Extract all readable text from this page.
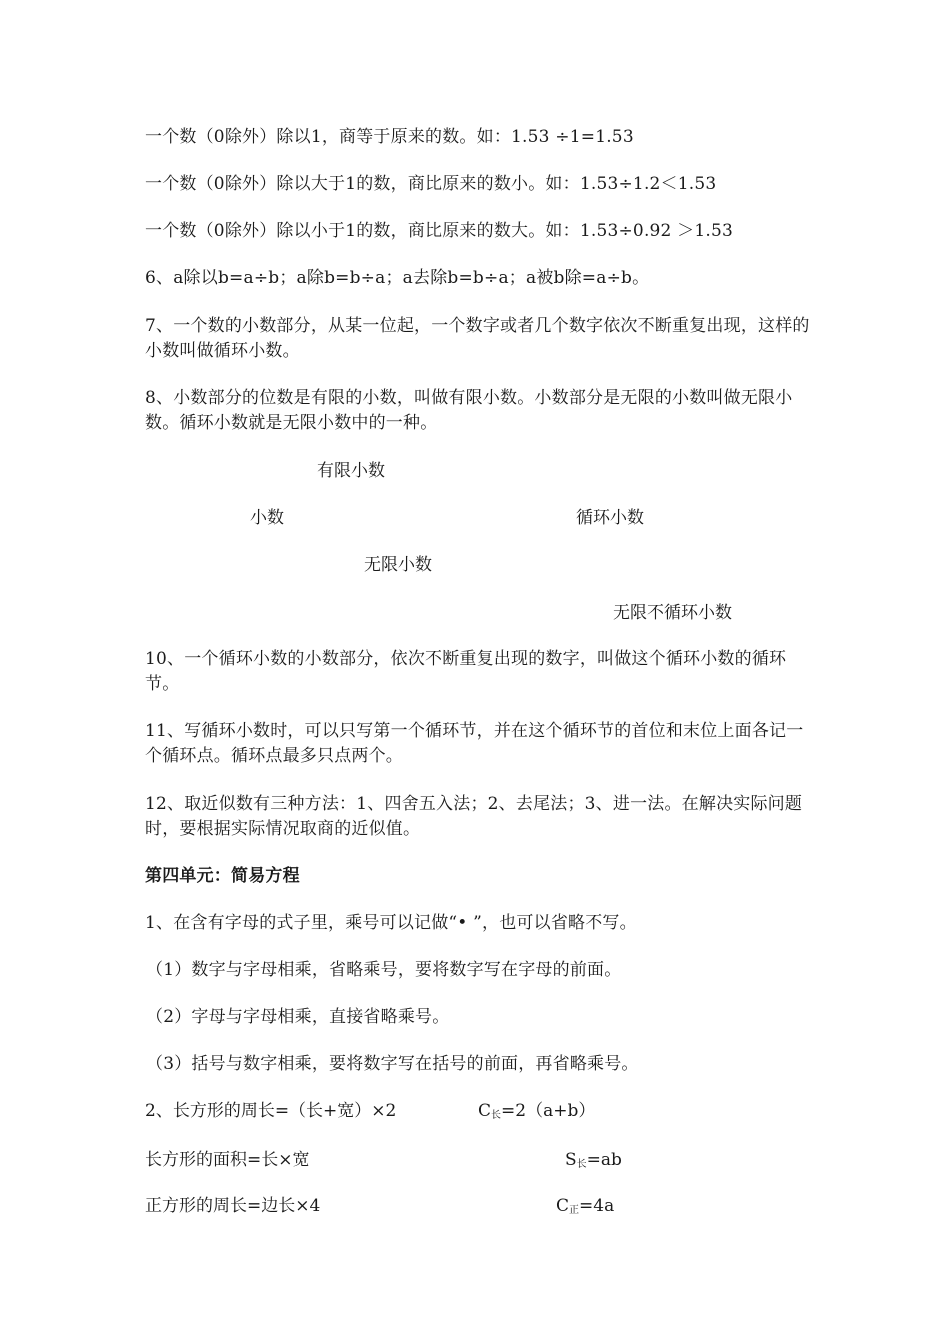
一个数（0除外）除以1，商等于原来的数。如：1.53 ÷1=1.53
一个数（0除外）除以大于1的数，商比原来的数小。如：1.53÷1.2＜1.53
一个数（0除外）除以小于1的数，商比原来的数大。如：1.53÷0.92 ＞1.53
6、a除以b=a÷b；a除b=b÷a；a去除b=b÷a；a被b除=a÷b。
7、一个数的小数部分，从某一位起，一个数字或者几个数字依次不断重复出现，这样的小数叫做循环小数。
8、小数部分的位数是有限的小数，叫做有限小数。小数部分是无限的小数叫做无限小数。循环小数就是无限小数中的一种。
有限小数
小数	循环小数
无限小数
无限不循环小数
10、一个循环小数的小数部分，依次不断重复出现的数字，叫做这个循环小数的循环节。
11、写循环小数时，可以只写第一个循环节，并在这个循环节的首位和末位上面各记一个循环点。循环点最多只点两个。
12、取近似数有三种方法：1、四舍五入法；2、去尾法；3、进一法。在解决实际问题时，要根据实际情况取商的近似值。
第四单元：简易方程
1、在含有字母的式子里，乘号可以记做“• ”，也可以省略不写。
（1）数字与字母相乘，省略乘号，要将数字写在字母的前面。
（2）字母与字母相乘，直接省略乘号。
（3）括号与数字相乘，要将数字写在括号的前面，再省略乘号。
2、长方形的周长=（长+宽）×2	$C_长=2(a+b)$
长方形的面积=长×宽	$S_长=ab$
正方形的周长=边长×4	$C_正=4a$
